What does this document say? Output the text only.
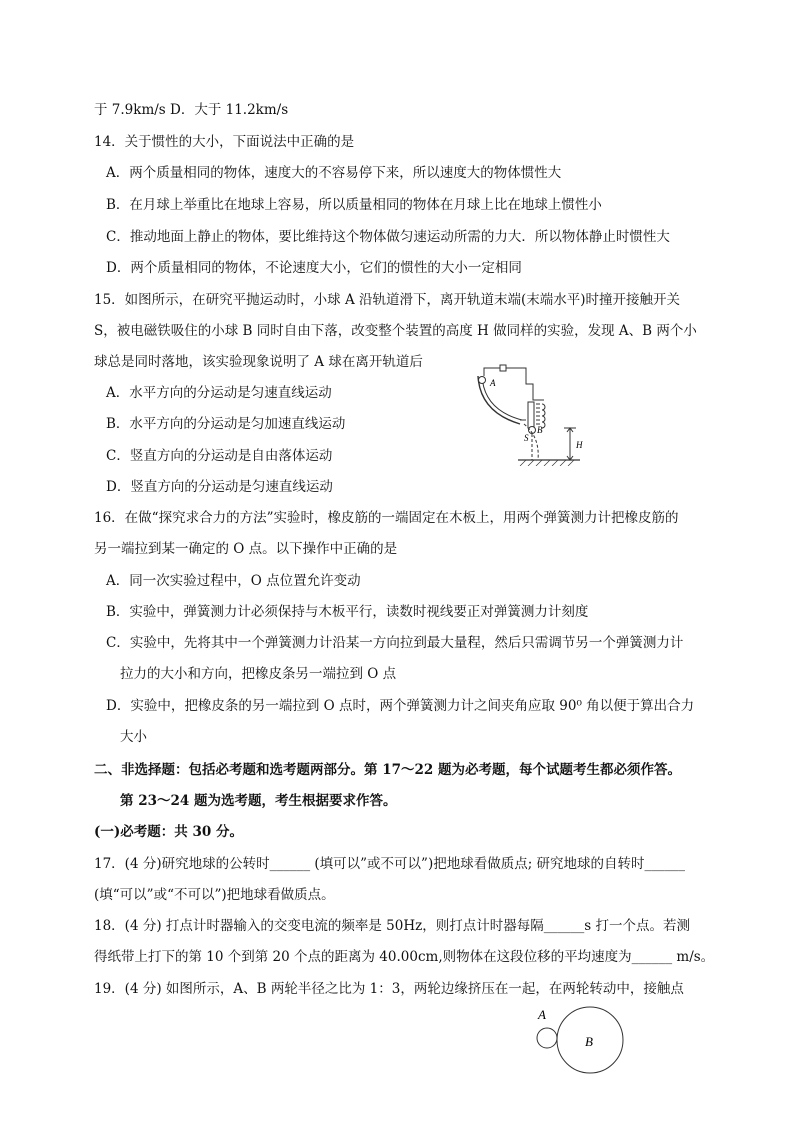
于 7.9km/s D．大于 11.2km/s
14．关于惯性的大小，下面说法中正确的是
A．两个质量相同的物体，速度大的不容易停下来，所以速度大的物体惯性大
B．在月球上举重比在地球上容易，所以质量相同的物体在月球上比在地球上惯性小
C．推动地面上静止的物体，要比维持这个物体做匀速运动所需的力大．所以物体静止时惯性大
D．两个质量相同的物体，不论速度大小，它们的惯性的大小一定相同
15．如图所示，在研究平抛运动时，小球 A 沿轨道滑下，离开轨道末端(末端水平)时撞开接触开关
S，被电磁铁吸住的小球 B 同时自由下落，改变整个装置的高度 H 做同样的实验，发现 A、B 两个小
球总是同时落地，该实验现象说明了 A 球在离开轨道后
A．水平方向的分运动是匀速直线运动
B．水平方向的分运动是匀加速直线运动
C．竖直方向的分运动是自由落体运动
D．竖直方向的分运动是匀速直线运动
A
B
S
H
16．在做“探究求合力的方法”实验时，橡皮筋的一端固定在木板上，用两个弹簧测力计把橡皮筋的
另一端拉到某一确定的 O 点。以下操作中正确的是
A．同一次实验过程中，O 点位置允许变动
B．实验中，弹簧测力计必须保持与木板平行，读数时视线要正对弹簧测力计刻度
C．实验中，先将其中一个弹簧测力计沿某一方向拉到最大量程，然后只需调节另一个弹簧测力计
拉力的大小和方向，把橡皮条另一端拉到 O 点
D．实验中，把橡皮条的另一端拉到 O 点时，两个弹簧测力计之间夹角应取 90⁰ 角以便于算出合力
大小
二、非选择题：包括必考题和选考题两部分。第 17～22 题为必考题，每个试题考生都必须作答。
第 23～24 题为选考题，考生根据要求作答。
(一)必考题：共 30 分。
17．(4 分)研究地球的公转时______ (填可以”或不可以”)把地球看做质点; 研究地球的自转时______
(填“可以”或“不可以”)把地球看做质点。
18．(4 分) 打点计时器输入的交变电流的频率是 50Hz，则打点计时器每隔______s 打一个点。若测
得纸带上打下的第 10 个到第 20 个点的距离为 40.00cm,则物体在这段位移的平均速度为______ m/s。
19．(4 分) 如图所示，A、B 两轮半径之比为 1：3，两轮边缘挤压在一起，在两轮转动中，接触点
A
B
